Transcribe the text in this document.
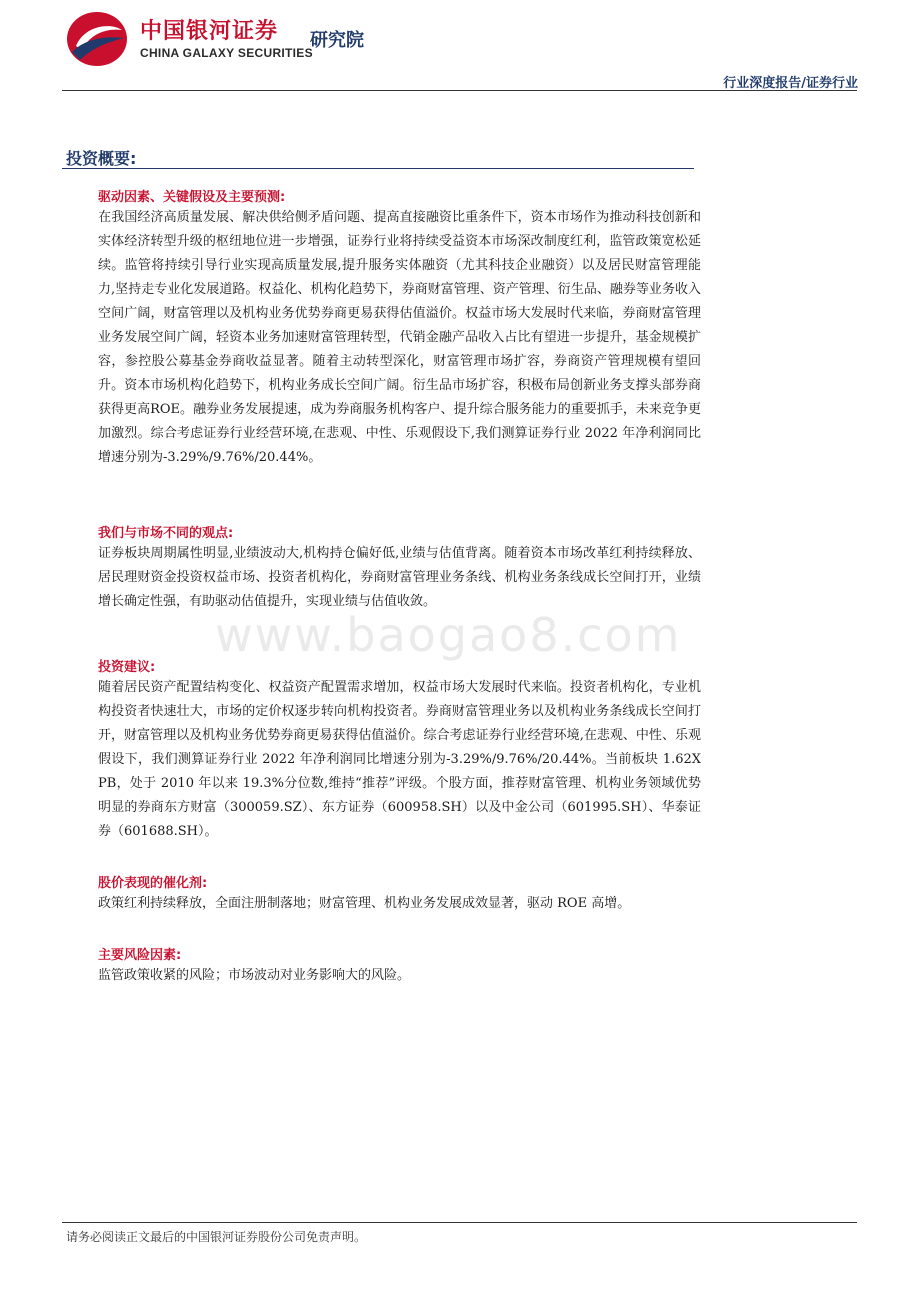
中国银河证券
CHINA GALAXY SECURITIES
研究院
行业深度报告/证券行业
投资概要:
驱动因素、关键假设及主要预测:
在我国经济高质量发展、解决供给侧矛盾问题、提高直接融资比重条件下，资本市场作为推动科技创新和实体经济转型升级的枢纽地位进一步增强，证券行业将持续受益资本市场深改制度红利，监管政策宽松延续。监管将持续引导行业实现高质量发展,提升服务实体融资（尤其科技企业融资）以及居民财富管理能力,坚持走专业化发展道路。权益化、机构化趋势下，券商财富管理、资产管理、衍生品、融券等业务收入空间广阔，财富管理以及机构业务优势券商更易获得估值溢价。权益市场大发展时代来临，券商财富管理业务发展空间广阔，轻资本业务加速财富管理转型，代销金融产品收入占比有望进一步提升，基金规模扩容，参控股公募基金券商收益显著。随着主动转型深化，财富管理市场扩容，券商资产管理规模有望回升。资本市场机构化趋势下，机构业务成长空间广阔。衍生品市场扩容，积极布局创新业务支撑头部券商获得更高ROE。融券业务发展提速，成为券商服务机构客户、提升综合服务能力的重要抓手，未来竞争更加激烈。综合考虑证券行业经营环境,在悲观、中性、乐观假设下,我们测算证券行业 2022 年净利润同比增速分别为-3.29%/9.76%/20.44%。
我们与市场不同的观点:
证券板块周期属性明显,业绩波动大,机构持仓偏好低,业绩与估值背离。随着资本市场改革红利持续释放、居民理财资金投资权益市场、投资者机构化，券商财富管理业务条线、机构业务条线成长空间打开，业绩增长确定性强，有助驱动估值提升，实现业绩与估值收敛。
www.baogao8.com
投资建议:
随着居民资产配置结构变化、权益资产配置需求增加，权益市场大发展时代来临。投资者机构化，专业机构投资者快速壮大，市场的定价权逐步转向机构投资者。券商财富管理业务以及机构业务条线成长空间打开，财富管理以及机构业务优势券商更易获得估值溢价。综合考虑证券行业经营环境,在悲观、中性、乐观假设下，我们测算证券行业 2022 年净利润同比增速分别为-3.29%/9.76%/20.44%。当前板块 1.62X PB，处于 2010 年以来 19.3%分位数,维持“推荐”评级。个股方面，推荐财富管理、机构业务领域优势明显的券商东方财富（300059.SZ）、东方证券（600958.SH）以及中金公司（601995.SH）、华泰证券（601688.SH）。
股价表现的催化剂:
政策红利持续释放，全面注册制落地；财富管理、机构业务发展成效显著，驱动 ROE 高增。
主要风险因素:
监管政策收紧的风险；市场波动对业务影响大的风险。
请务必阅读正文最后的中国银河证券股份公司免责声明。
